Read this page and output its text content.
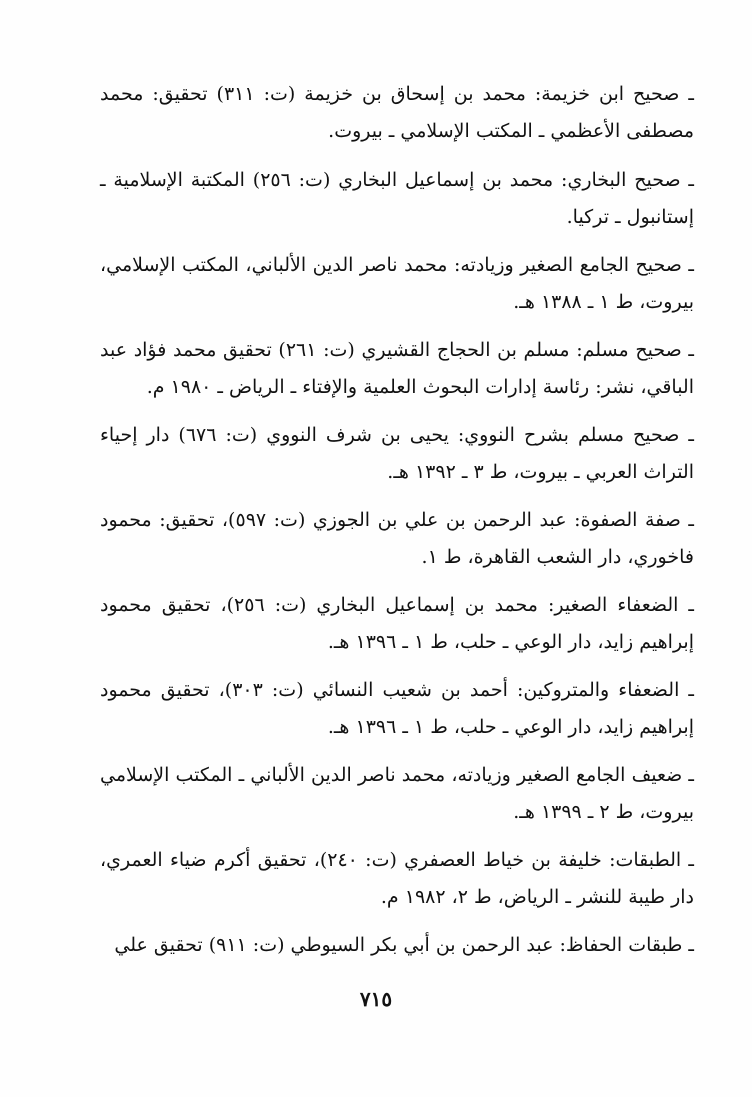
ـ صحيح ابن خزيمة: محمد بن إسحاق بن خزيمة (ت: ٣١١) تحقيق: محمد مصطفى الأعظمي ـ المكتب الإسلامي ـ بيروت.
ـ صحيح البخاري: محمد بن إسماعيل البخاري (ت: ٢٥٦) المكتبة الإسلامية ـ إستانبول ـ تركيا.
ـ صحيح الجامع الصغير وزيادته: محمد ناصر الدين الألباني، المكتب الإسلامي، بيروت، ط ١ ـ ١٣٨٨ هـ.
ـ صحيح مسلم: مسلم بن الحجاج القشيري (ت: ٢٦١) تحقيق محمد فؤاد عبد الباقي، نشر: رئاسة إدارات البحوث العلمية والإفتاء ـ الرياض ـ ١٩٨٠ م.
ـ صحيح مسلم بشرح النووي: يحيى بن شرف النووي (ت: ٦٧٦) دار إحياء التراث العربي ـ بيروت، ط ٣ ـ ١٣٩٢ هـ.
ـ صفة الصفوة: عبد الرحمن بن علي بن الجوزي (ت: ٥٩٧)، تحقيق: محمود فاخوري، دار الشعب القاهرة، ط ١.
ـ الضعفاء الصغير: محمد بن إسماعيل البخاري (ت: ٢٥٦)، تحقيق محمود إبراهيم زايد، دار الوعي ـ حلب، ط ١ ـ ١٣٩٦ هـ.
ـ الضعفاء والمتروكين: أحمد بن شعيب النسائي (ت: ٣٠٣)، تحقيق محمود إبراهيم زايد، دار الوعي ـ حلب، ط ١ ـ ١٣٩٦ هـ.
ـ ضعيف الجامع الصغير وزيادته، محمد ناصر الدين الألباني ـ المكتب الإسلامي بيروت، ط ٢ ـ ١٣٩٩ هـ.
ـ الطبقات: خليفة بن خياط العصفري (ت: ٢٤٠)، تحقيق أكرم ضياء العمري، دار طيبة للنشر ـ الرياض، ط ٢، ١٩٨٢ م.
ـ طبقات الحفاظ: عبد الرحمن بن أبي بكر السيوطي (ت: ٩١١) تحقيق علي
٧١٥
